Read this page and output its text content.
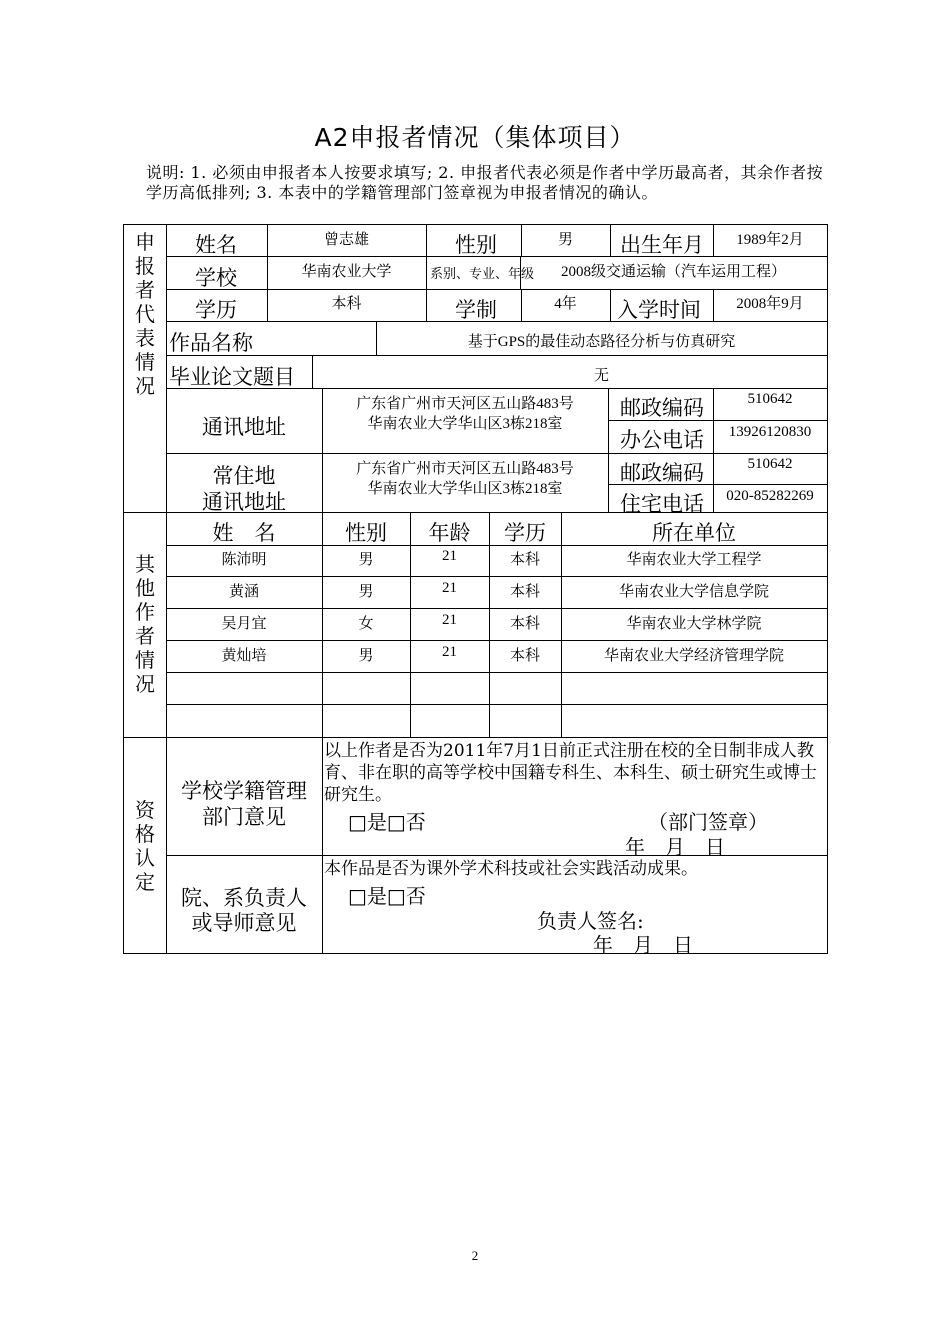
A2申报者情况（集体项目）
说明: 1. 必须由申报者本人按要求填写; 2. 申报者代表必须是作者中学历最高者，其余作者按学历高低排列; 3. 本表中的学籍管理部门签章视为申报者情况的确认。
申报者代表情况
姓名	曾志雄	性别	男	出生年月	1989年2月
学校	华南农业大学	系别、专业、年级	2008级交通运输（汽车运用工程）
学历	本科	学制	4年	入学时间	2008年9月
作品名称	基于GPS的最佳动态路径分析与仿真研究
毕业论文题目	无
通讯地址
广东省广州市天河区五山路483号
华南农业大学华山区3栋218室
邮政编码	510642
办公电话	13926120830
常住地
通讯地址
广东省广州市天河区五山路483号
华南农业大学华山区3栋218室
邮政编码	510642
住宅电话	020-85282269
其他作者情况
姓　名	性别	年龄	学历	所在单位
陈沛明	男	21	本科	华南农业大学工程学
黄涵	男	21	本科	华南农业大学信息学院
吴月宜	女	21	本科	华南农业大学林学院
黄灿培	男	21	本科	华南农业大学经济管理学院
资格认定
学校学籍管理
部门意见
以上作者是否为2011年7月1日前正式注册在校的全日制非成人教育、非在职的高等学校中国籍专科生、本科生、硕士研究生或博士研究生。
□是□否	（部门签章）
年　月　日
院、系负责人
或导师意见
本作品是否为课外学术科技或社会实践活动成果。
□是□否
负责人签名:
年　月　日
2
